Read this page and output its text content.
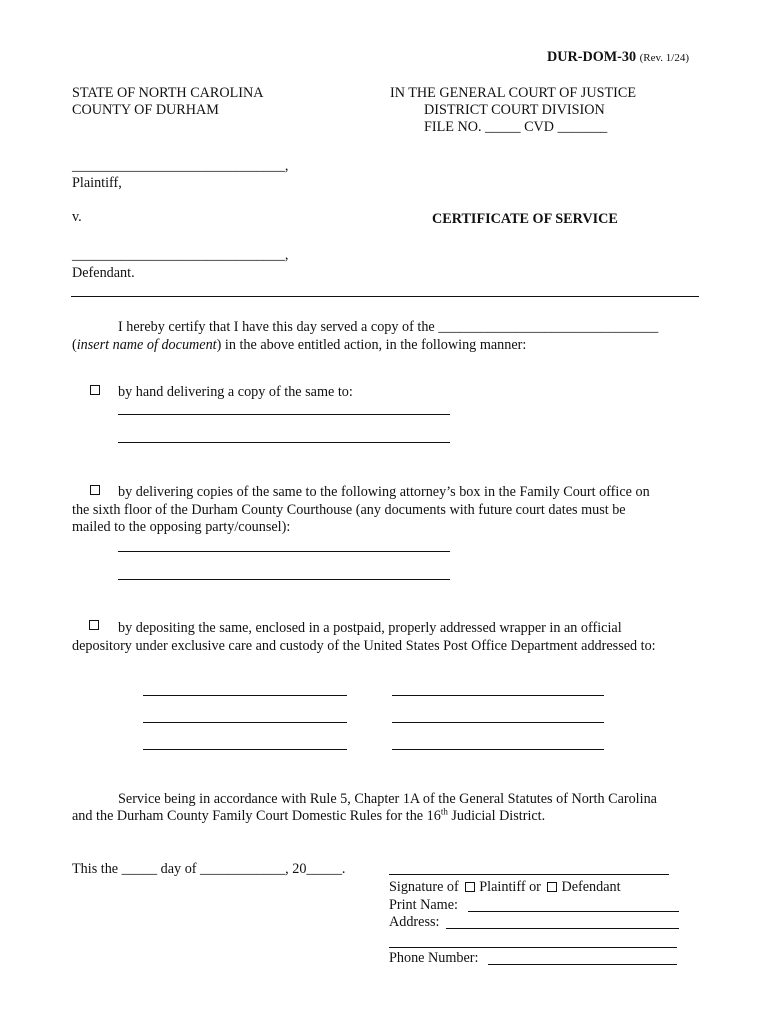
DUR-DOM-30 (Rev. 1/24)
STATE OF NORTH CAROLINA
COUNTY OF DURHAM
IN THE GENERAL COURT OF JUSTICE
DISTRICT COURT DIVISION
FILE NO. _____ CVD _______
______________________________,
Plaintiff,
v.	CERTIFICATE OF SERVICE
______________________________,
Defendant.
I hereby certify that I have this day served a copy of the _______________________________
(insert name of document) in the above entitled action, in the following manner:
by hand delivering a copy of the same to:
by delivering copies of the same to the following attorney’s box in the Family Court office on
the sixth floor of the Durham County Courthouse (any documents with future court dates must be
mailed to the opposing party/counsel):
by depositing the same, enclosed in a postpaid, properly addressed wrapper in an official
depository under exclusive care and custody of the United States Post Office Department addressed to:
Service being in accordance with Rule 5, Chapter 1A of the General Statutes of North Carolina
and the Durham County Family Court Domestic Rules for the 16th Judicial District.
This the _____ day of ____________, 20_____.
Signature of Plaintiff or Defendant
Print Name:
Address:
Phone Number:
